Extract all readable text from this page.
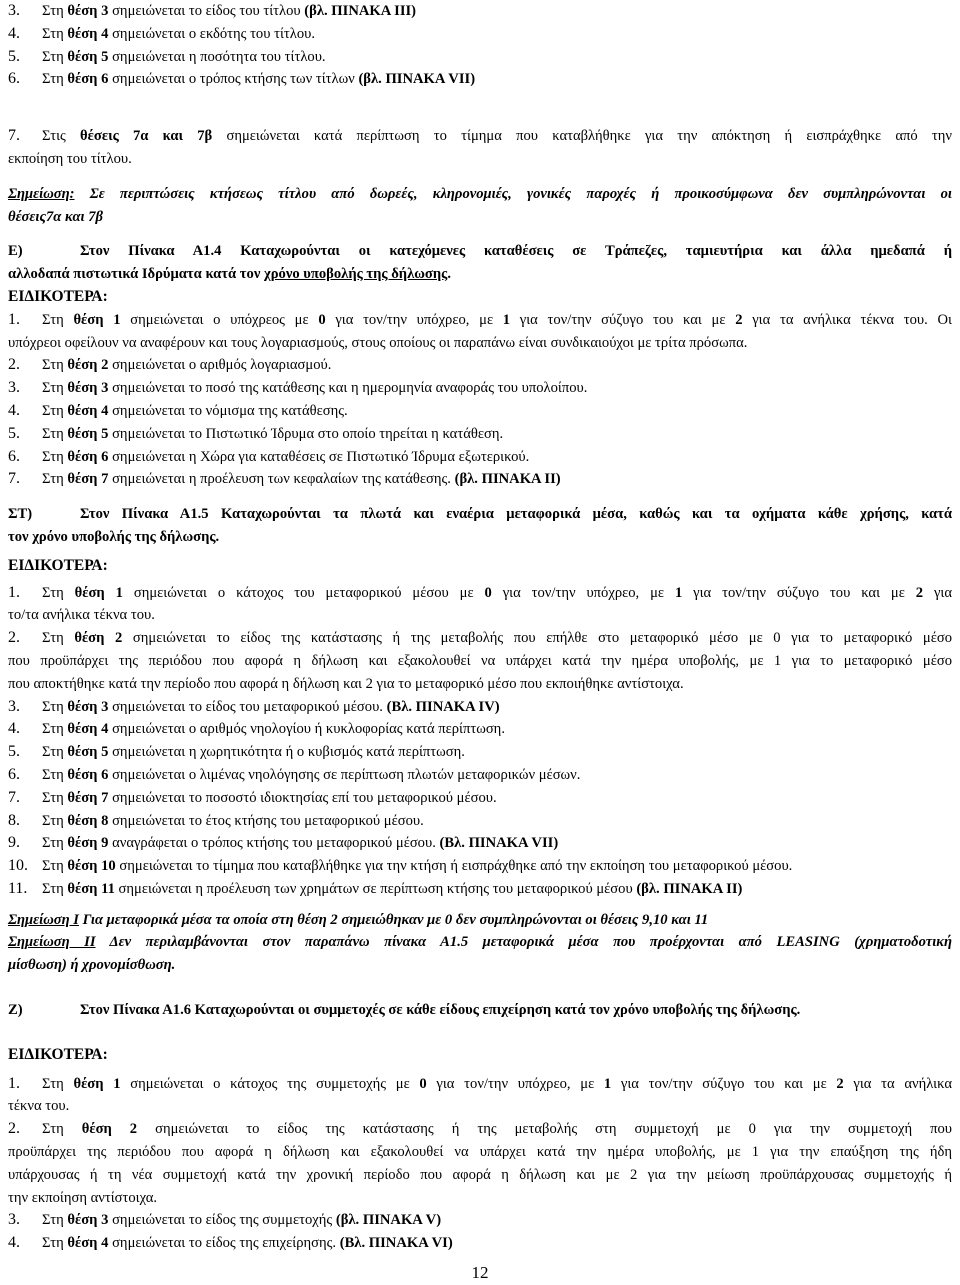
3. Στη θέση 3 σημειώνεται το είδος του τίτλου (βλ. ΠΙΝΑΚΑ ΙΙΙ)
4. Στη θέση 4 σημειώνεται ο εκδότης του τίτλου.
5. Στη θέση 5 σημειώνεται η ποσότητα του τίτλου.
6. Στη θέση 6 σημειώνεται ο τρόπος κτήσης των τίτλων (βλ. ΠΙΝΑΚΑ VII)
7. Στις θέσεις 7α και 7β σημειώνεται κατά περίπτωση το τίμημα που καταβλήθηκε για την απόκτηση ή εισπράχθηκε από την
εκποίηση του τίτλου.
Σημείωση: Σε περιπτώσεις κτήσεως τίτλου από δωρεές, κληρονομιές, γονικές παροχές ή προικοσύμφωνα δεν συμπληρώνονται οι
θέσεις7α και 7β
Ε)	Στον Πίνακα Α1.4 Καταχωρούνται οι κατεχόμενες καταθέσεις σε Τράπεζες, ταμιευτήρια και άλλα ημεδαπά ή
αλλοδαπά πιστωτικά Ιδρύματα κατά τον χρόνο υποβολής της δήλωσης.
ΕΙΔΙΚΟΤΕΡΑ:
1. Στη θέση 1 σημειώνεται ο υπόχρεος με 0 για τον/την υπόχρεο, με 1 για τον/την σύζυγο του και με 2 για τα ανήλικα τέκνα του. Οι
υπόχρεοι οφείλουν να αναφέρουν και τους λογαριασμούς, στους οποίους οι παραπάνω είναι συνδικαιούχοι με τρίτα πρόσωπα.
2. Στη θέση 2 σημειώνεται ο αριθμός λογαριασμού.
3. Στη θέση 3 σημειώνεται το ποσό της κατάθεσης και η ημερομηνία αναφοράς του υπολοίπου.
4. Στη θέση 4 σημειώνεται το νόμισμα της κατάθεσης.
5. Στη θέση 5 σημειώνεται το Πιστωτικό Ίδρυμα στο οποίο τηρείται η κατάθεση.
6. Στη θέση 6 σημειώνεται η Χώρα για καταθέσεις σε Πιστωτικό Ίδρυμα εξωτερικού.
7. Στη θέση 7 σημειώνεται η προέλευση των κεφαλαίων της κατάθεσης. (βλ. ΠΙΝΑΚΑ ΙΙ)
ΣΤ)	Στον Πίνακα Α1.5 Καταχωρούνται τα πλωτά και εναέρια μεταφορικά μέσα, καθώς και τα οχήματα κάθε χρήσης, κατά
τον χρόνο υποβολής της δήλωσης.
ΕΙΔΙΚΟΤΕΡΑ:
1. Στη θέση 1 σημειώνεται ο κάτοχος του μεταφορικού μέσου με 0 για τον/την υπόχρεο, με 1 για τον/την σύζυγο του και με 2 για
το/τα ανήλικα τέκνα του.
2. Στη θέση 2 σημειώνεται το είδος της κατάστασης ή της μεταβολής που επήλθε στο μεταφορικό μέσο με 0 για το μεταφορικό μέσο
που προϋπάρχει της περιόδου που αφορά η δήλωση και εξακολουθεί να υπάρχει κατά την ημέρα υποβολής, με 1 για το μεταφορικό μέσο
που αποκτήθηκε κατά την περίοδο που αφορά η δήλωση και 2 για το μεταφορικό μέσο που εκποιήθηκε αντίστοιχα.
3. Στη θέση 3 σημειώνεται το είδος του μεταφορικού μέσου. (Βλ. ΠΙΝΑΚΑ IV)
4. Στη θέση 4 σημειώνεται ο αριθμός νηολογίου ή κυκλοφορίας κατά περίπτωση.
5. Στη θέση 5 σημειώνεται η χωρητικότητα ή ο κυβισμός κατά περίπτωση.
6. Στη θέση 6 σημειώνεται ο λιμένας νηολόγησης σε περίπτωση πλωτών μεταφορικών μέσων.
7. Στη θέση 7 σημειώνεται το ποσοστό ιδιοκτησίας επί του μεταφορικού μέσου.
8. Στη θέση 8 σημειώνεται το έτος κτήσης του μεταφορικού μέσου.
9. Στη θέση 9 αναγράφεται ο τρόπος κτήσης του μεταφορικού μέσου. (Βλ. ΠΙΝΑΚΑ VII)
10. Στη θέση 10 σημειώνεται το τίμημα που καταβλήθηκε για την κτήση ή εισπράχθηκε από την εκποίηση του μεταφορικού μέσου.
11. Στη θέση 11 σημειώνεται η προέλευση των χρημάτων σε περίπτωση κτήσης του μεταφορικού μέσου (βλ. ΠΙΝΑΚΑ ΙΙ)
Σημείωση Ι Για μεταφορικά μέσα τα οποία στη θέση 2 σημειώθηκαν με 0 δεν συμπληρώνονται οι θέσεις 9,10 και 11
Σημείωση ΙΙ Δεν περιλαμβάνονται στον παραπάνω πίνακα Α1.5 μεταφορικά μέσα που προέρχονται από LEASING (χρηματοδοτική
μίσθωση) ή χρονομίσθωση.
Ζ)	Στον Πίνακα Α1.6 Καταχωρούνται οι συμμετοχές σε κάθε είδους επιχείρηση κατά τον χρόνο υποβολής της δήλωσης.
ΕΙΔΙΚΟΤΕΡΑ:
1. Στη θέση 1 σημειώνεται ο κάτοχος της συμμετοχής με 0 για τον/την υπόχρεο, με 1 για τον/την σύζυγο του και με 2 για τα ανήλικα
τέκνα του.
2. Στη θέση 2 σημειώνεται το είδος της κατάστασης ή της μεταβολής στη συμμετοχή με 0 για την συμμετοχή που
προϋπάρχει της περιόδου που αφορά η δήλωση και εξακολουθεί να υπάρχει κατά την ημέρα υποβολής, με 1 για την επαύξηση της ήδη
υπάρχουσας ή τη νέα συμμετοχή κατά την χρονική περίοδο που αφορά η δήλωση και με 2 για την μείωση προϋπάρχουσας συμμετοχής ή
την εκποίηση αντίστοιχα.
3. Στη θέση 3 σημειώνεται το είδος της συμμετοχής (βλ. ΠΙΝΑΚΑ V)
4. Στη θέση 4 σημειώνεται το είδος της επιχείρησης. (Βλ. ΠΙΝΑΚΑ VI)
12
